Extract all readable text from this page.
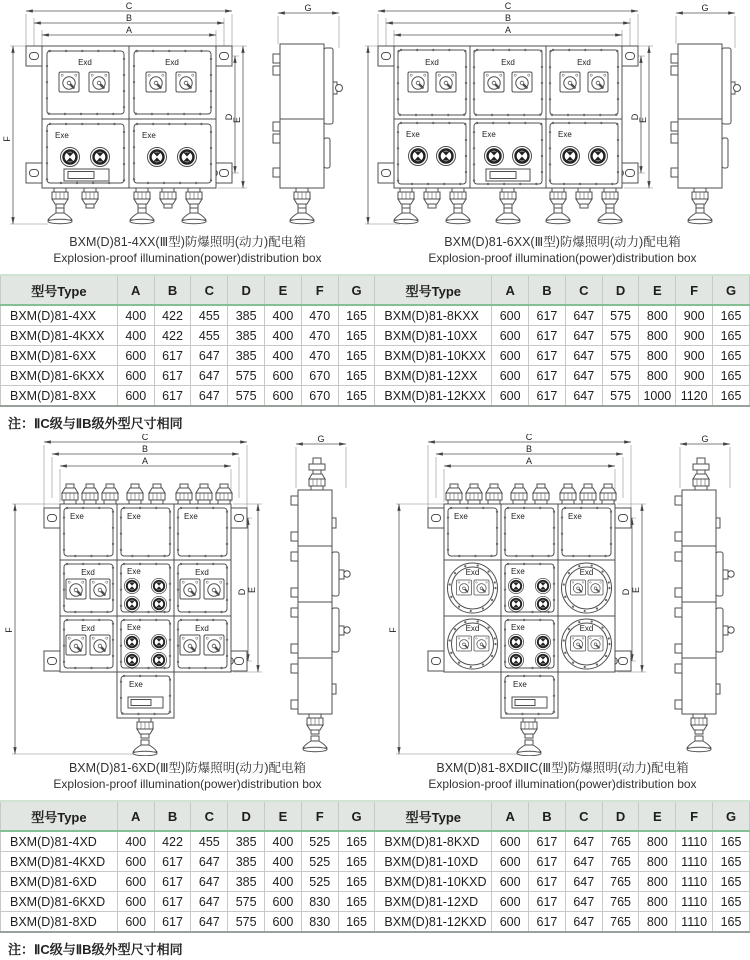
C
B
A
F
D
E
Exd	Exd
Exe	Exe
G	C
B
A
D
E
Exd	Exd	Exd
Exe	Exe	Exe
G
BXM(D)81-4XX(Ⅲ型)防爆照明(动力)配电箱
Explosion-proof illumination(power)distribution box
BXM(D)81-6XX(Ⅲ型)防爆照明(动力)配电箱
Explosion-proof illumination(power)distribution box
型号Type	A	B	C	D	E	F	G	型号Type	A	B	C	D	E	F	G
BXM(D)81-4XX	400	422	455	385	400	470	165	BXM(D)81-8KXX	600	617	647	575	800	900	165
BXM(D)81-4KXX	400	422	455	385	400	470	165	BXM(D)81-10XX	600	617	647	575	800	900	165
BXM(D)81-6XX	600	617	647	385	400	470	165	BXM(D)81-10KXX	600	617	647	575	800	900	165
BXM(D)81-6KXX	600	617	647	575	600	670	165	BXM(D)81-12XX	600	617	647	575	800	900	165
BXM(D)81-8XX	600	617	647	575	600	670	165	BXM(D)81-12KXX	600	617	647	575	1000	1120	165
注：ⅡC级与ⅡB级外型尺寸相同
C
B
A
F
D E
Exe	Exe	Exe
Exd	Exe	Exd
Exd	Exe	Exd
Exe
G	C
B
A
F
D E
Exe	Exe	Exe
Exd	Exe	Exd
Exd	Exe	Exd
Exe
G
BXM(D)81-6XD(Ⅲ型)防爆照明(动力)配电箱
Explosion-proof illumination(power)distribution box
BXM(D)81-8XDⅡC(Ⅲ型)防爆照明(动力)配电箱
Explosion-proof illumination(power)distribution box
型号Type	A	B	C	D	E	F	G	型号Type	A	B	C	D	E	F	G
BXM(D)81-4XD	400	422	455	385	400	525	165	BXM(D)81-8KXD	600	617	647	765	800	1110	165
BXM(D)81-4KXD	600	617	647	385	400	525	165	BXM(D)81-10XD	600	617	647	765	800	1110	165
BXM(D)81-6XD	600	617	647	385	400	525	165	BXM(D)81-10KXD	600	617	647	765	800	1110	165
BXM(D)81-6KXD	600	617	647	575	600	830	165	BXM(D)81-12XD	600	617	647	765	800	1110	165
BXM(D)81-8XD	600	617	647	575	600	830	165	BXM(D)81-12KXD	600	617	647	765	800	1110	165
注：ⅡC级与ⅡB级外型尺寸相同
